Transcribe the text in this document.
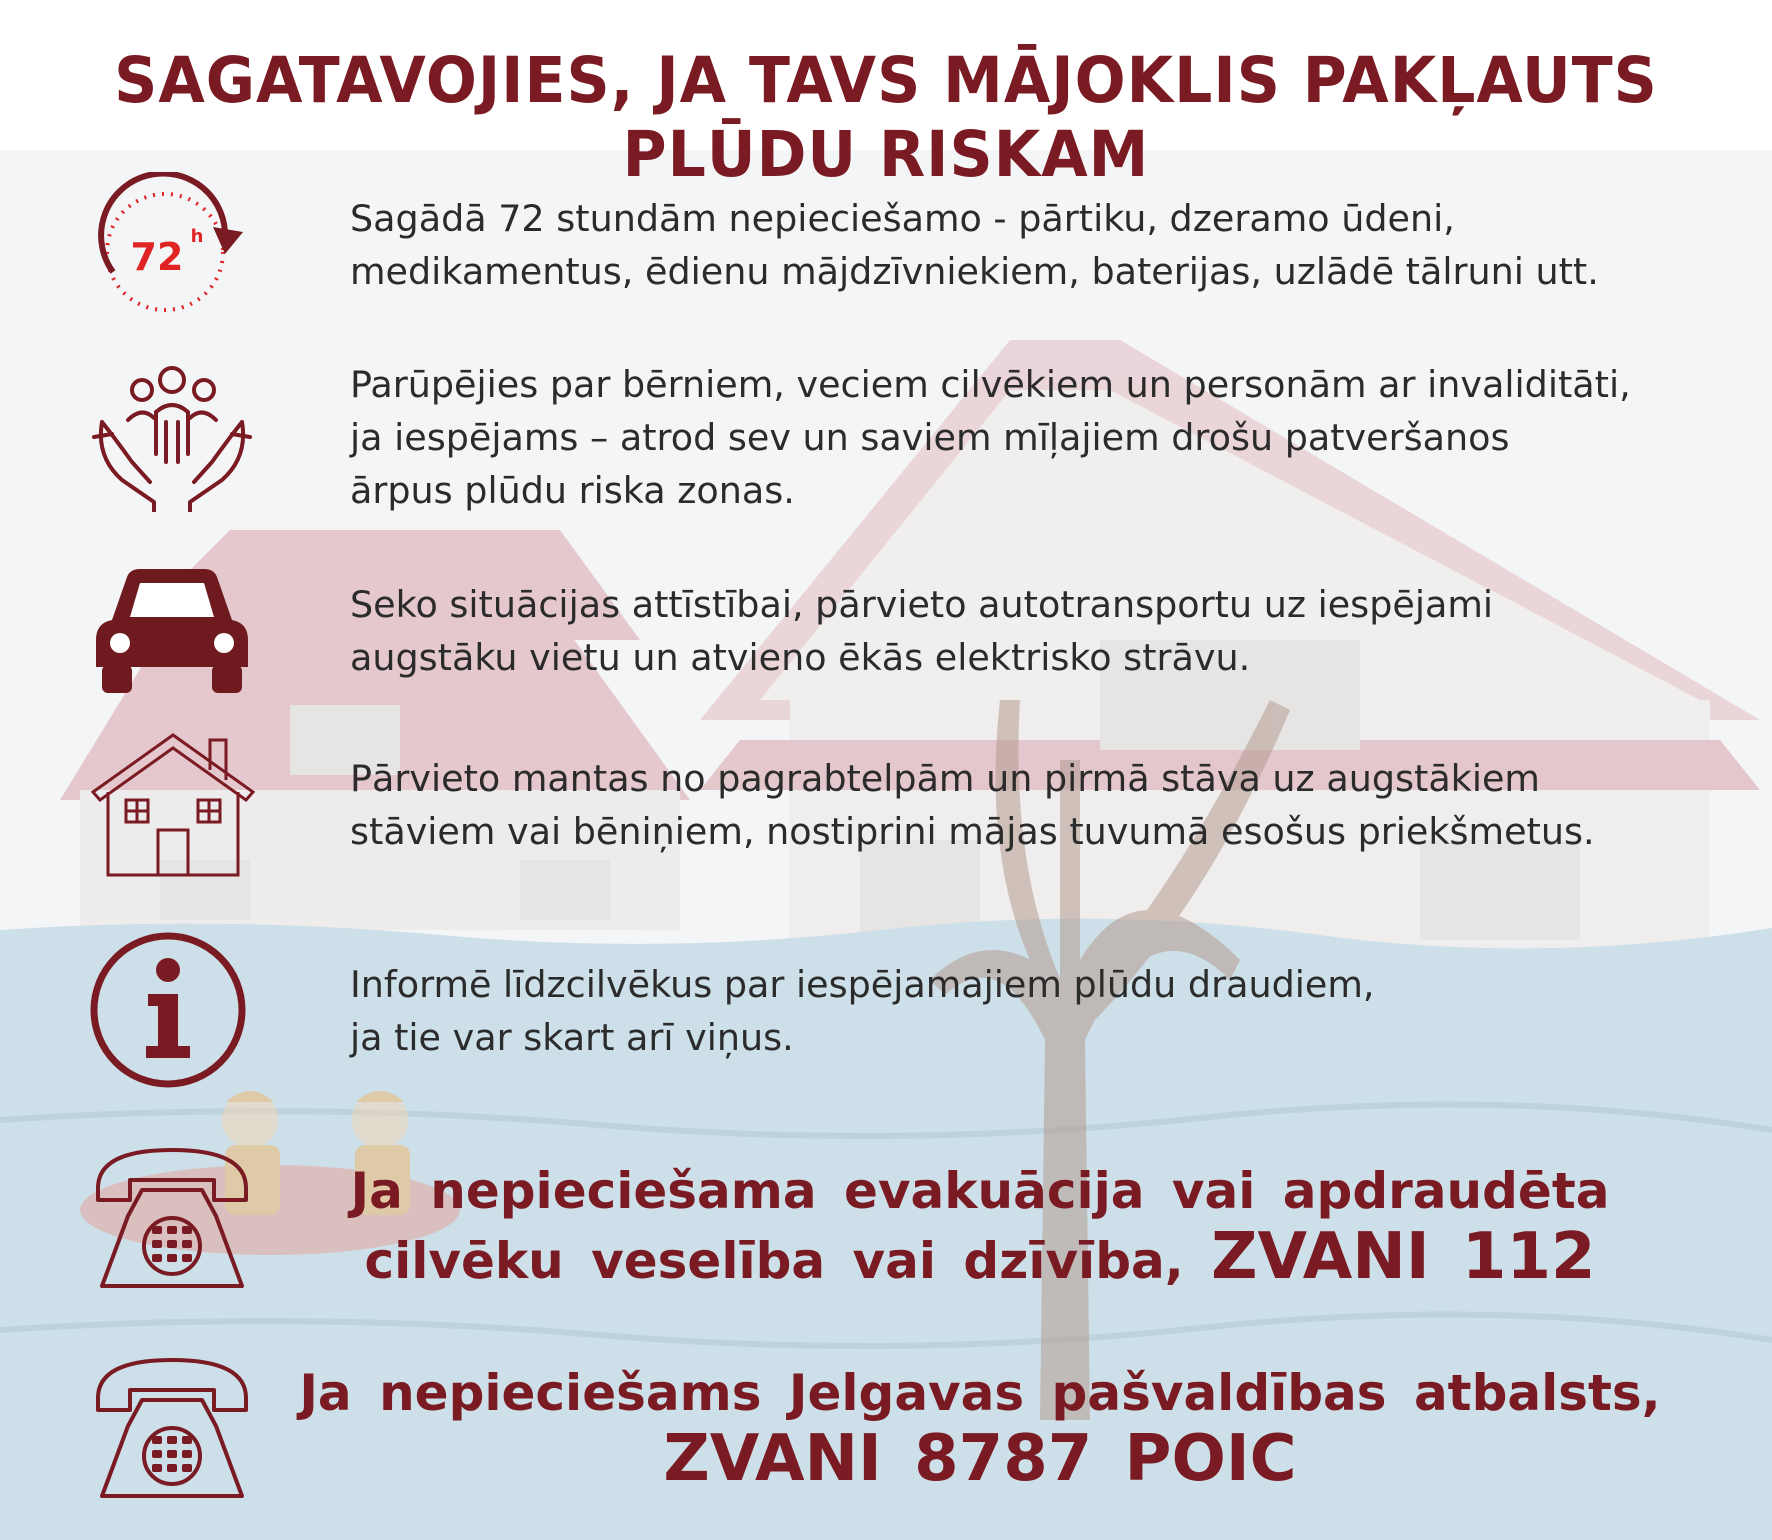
SAGATAVOJIES, JA TAVS MĀJOKLIS PAKĻAUTS PLŪDU RISKAM
72 h	Sagādā 72 stundām nepieciešamo - pārtiku, dzeramo ūdeni,
medikamentus, ēdienu mājdzīvniekiem, baterijas, uzlādē tālruni utt.
Parūpējies par bērniem, veciem cilvēkiem un personām ar invaliditāti,
ja iespējams – atrod sev un saviem mīļajiem drošu patveršanos
ārpus plūdu riska zonas.
Seko situācijas attīstībai, pārvieto autotransportu uz iespējami
augstāku vietu un atvieno ēkās elektrisko strāvu.
Pārvieto mantas no pagrabtelpām un pirmā stāva uz augstākiem
stāviem vai bēniņiem, nostiprini mājas tuvumā esošus priekšmetus.
Informē līdzcilvēkus par iespējamajiem plūdu draudiem,
ja tie var skart arī viņus.
Ja nepieciešama evakuācija vai apdraudēta
cilvēku veselība vai dzīvība, ZVANI 112
Ja nepieciešams Jelgavas pašvaldības atbalsts,
ZVANI 8787 POIC
